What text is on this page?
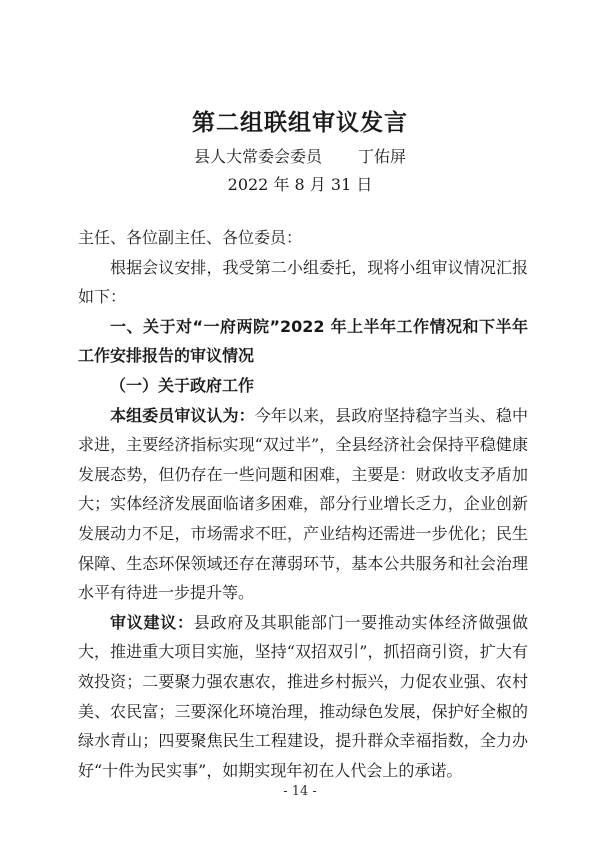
第二组联组审议发言
县人大常委会委员 丁佑屏
2022 年 8 月 31 日

主任、各位副主任、各位委员：

根据会议安排，我受第二小组委托，现将小组审议情况汇报如下：

一、关于对“一府两院”2022 年上半年工作情况和下半年工作安排报告的审议情况

（一）关于政府工作

本组委员审议认为：今年以来，县政府坚持稳字当头、稳中求进，主要经济指标实现“双过半”，全县经济社会保持平稳健康发展态势，但仍存在一些问题和困难，主要是：财政收支矛盾加大；实体经济发展面临诸多困难，部分行业增长乏力，企业创新发展动力不足，市场需求不旺，产业结构还需进一步优化；民生保障、生态环保领域还存在薄弱环节，基本公共服务和社会治理水平有待进一步提升等。

审议建议：县政府及其职能部门一要推动实体经济做强做大，推进重大项目实施，坚持“双招双引”，抓招商引资，扩大有效投资；二要聚力强农惠农，推进乡村振兴，力促农业强、农村美、农民富；三要深化环境治理，推动绿色发展，保护好全椒的绿水青山；四要聚焦民生工程建设，提升群众幸福指数，全力办好“十件为民实事”，如期实现年初在人代会上的承诺。

- 14 -
